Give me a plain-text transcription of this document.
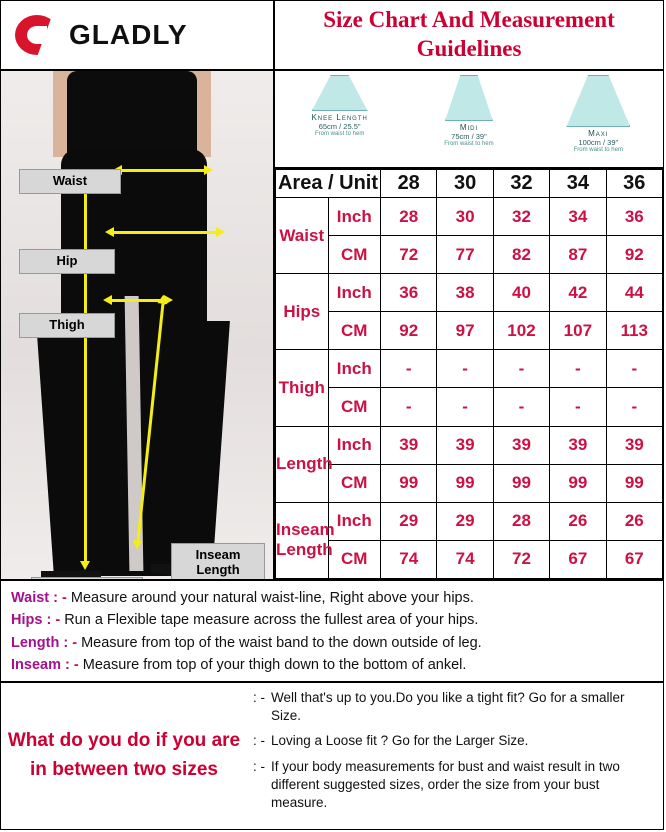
GLADLY	Size Chart And Measurement Guidelines
Waist
Hip
Thigh
Inseam Length
Knee Length
65cm / 25.5"
From waist to hem
Midi
75cm / 39"
From waist to hem
Maxi
100cm / 39"
From waist to hem
Area / Unit		28	30	32	34	36
Waist	Inch	28	30	32	34	36
	CM	72	77	82	87	92
Hips	Inch	36	38	40	42	44
	CM	92	97	102	107	113
Thigh	Inch	-	-	-	-	-
	CM	-	-	-	-	-
Length	Inch	39	39	39	39	39
	CM	99	99	99	99	99
Inseam Length	Inch	29	29	28	26	26
	CM	74	74	72	67	67
Waist : - Measure around your natural waist-line, Right above your hips.
Hips : - Run a Flexible tape measure across the fullest area of your hips.
Length : - Measure from top of the waist band to the down outside of leg.
Inseam : - Measure from top of your thigh down to the bottom of ankel.
What do you do if you are in between two sizes
: - Well that's up to you.Do you like a tight fit? Go for a smaller Size.
: - Loving a Loose fit ? Go for the Larger Size.
: - If your body measurements for bust and waist result in two different suggested sizes, order the size from your bust measure.
